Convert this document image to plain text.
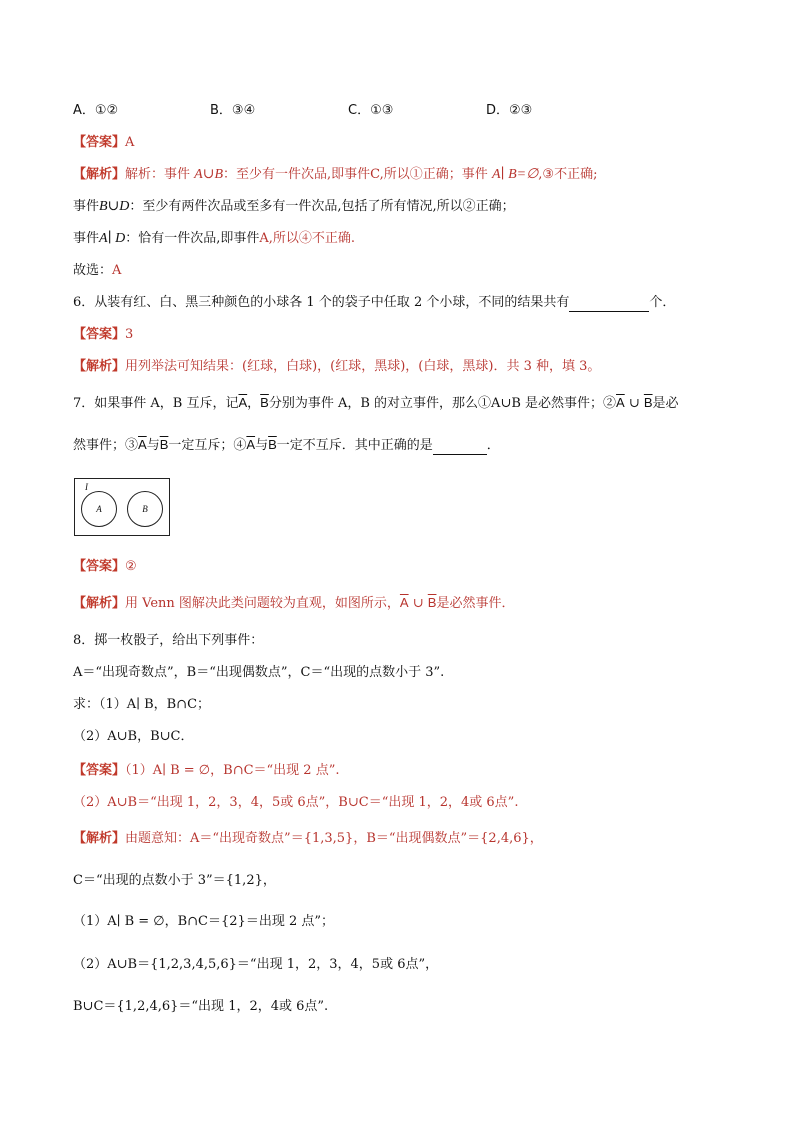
A．①②	B．③④	C．①③	D．②③
【答案】A
【解析】解析：事件 A∪B：至少有一件次品,即事件C,所以①正确；事件 A∣ B=∅,③不正确;
事件B∪D：至少有两件次品或至多有一件次品,包括了所有情况,所以②正确；
事件A∣ D：恰有一件次品,即事件A,所以④不正确.
故选：A
6．从装有红、白、黑三种颜色的小球各 1 个的袋子中任取 2 个小球，不同的结果共有	个．
【答案】3
【解析】用列举法可知结果：(红球，白球)，(红球，黑球)，(白球，黑球)．共 3 种，填 3。
7．如果事件 A，B 互斥，记$\overline{A}$，$\overline{B}$分别为事件 A，B 的对立事件，那么①A∪B 是必然事件；$②\overline{A}$ ∪ $\overline{B}$是必
然事件；$③\overline{A}$与$\overline{B}$一定互斥；$④\overline{A}$与$\overline{B}$一定不互斥．其中正确的是	．
I
A	B
【答案】②
【解析】用 Venn 图解决此类问题较为直观，如图所示，$\overline{A}$ ∪ $\overline{B}$是必然事件．
8．掷一枚骰子，给出下列事件：
A＝“出现奇数点”，B＝“出现偶数点”，C＝“出现的点数小于 3”.
求：（1）A∣ B，B∩C；
（2）A∪B，B∪C．
【答案】（1）A∣ B = ∅，B∩C＝“出现 2 点”.
（2）A∪B＝“出现 1，2，3，4，5或 6点”，B∪C＝“出现 1，2，4或 6点”.
【解析】由题意知：A＝“出现奇数点”＝{1,3,5}，B＝“出现偶数点”＝{2,4,6}，
C＝“出现的点数小于 3”＝{1,2}，
（1）A∣ B = ∅，B∩C＝{2}＝出现 2 点”；
（2）A∪B＝{1,2,3,4,5,6}＝“出现 1，2，3，4，5或 6点”，
B∪C＝{1,2,4,6}＝“出现 1，2，4或 6点”.
